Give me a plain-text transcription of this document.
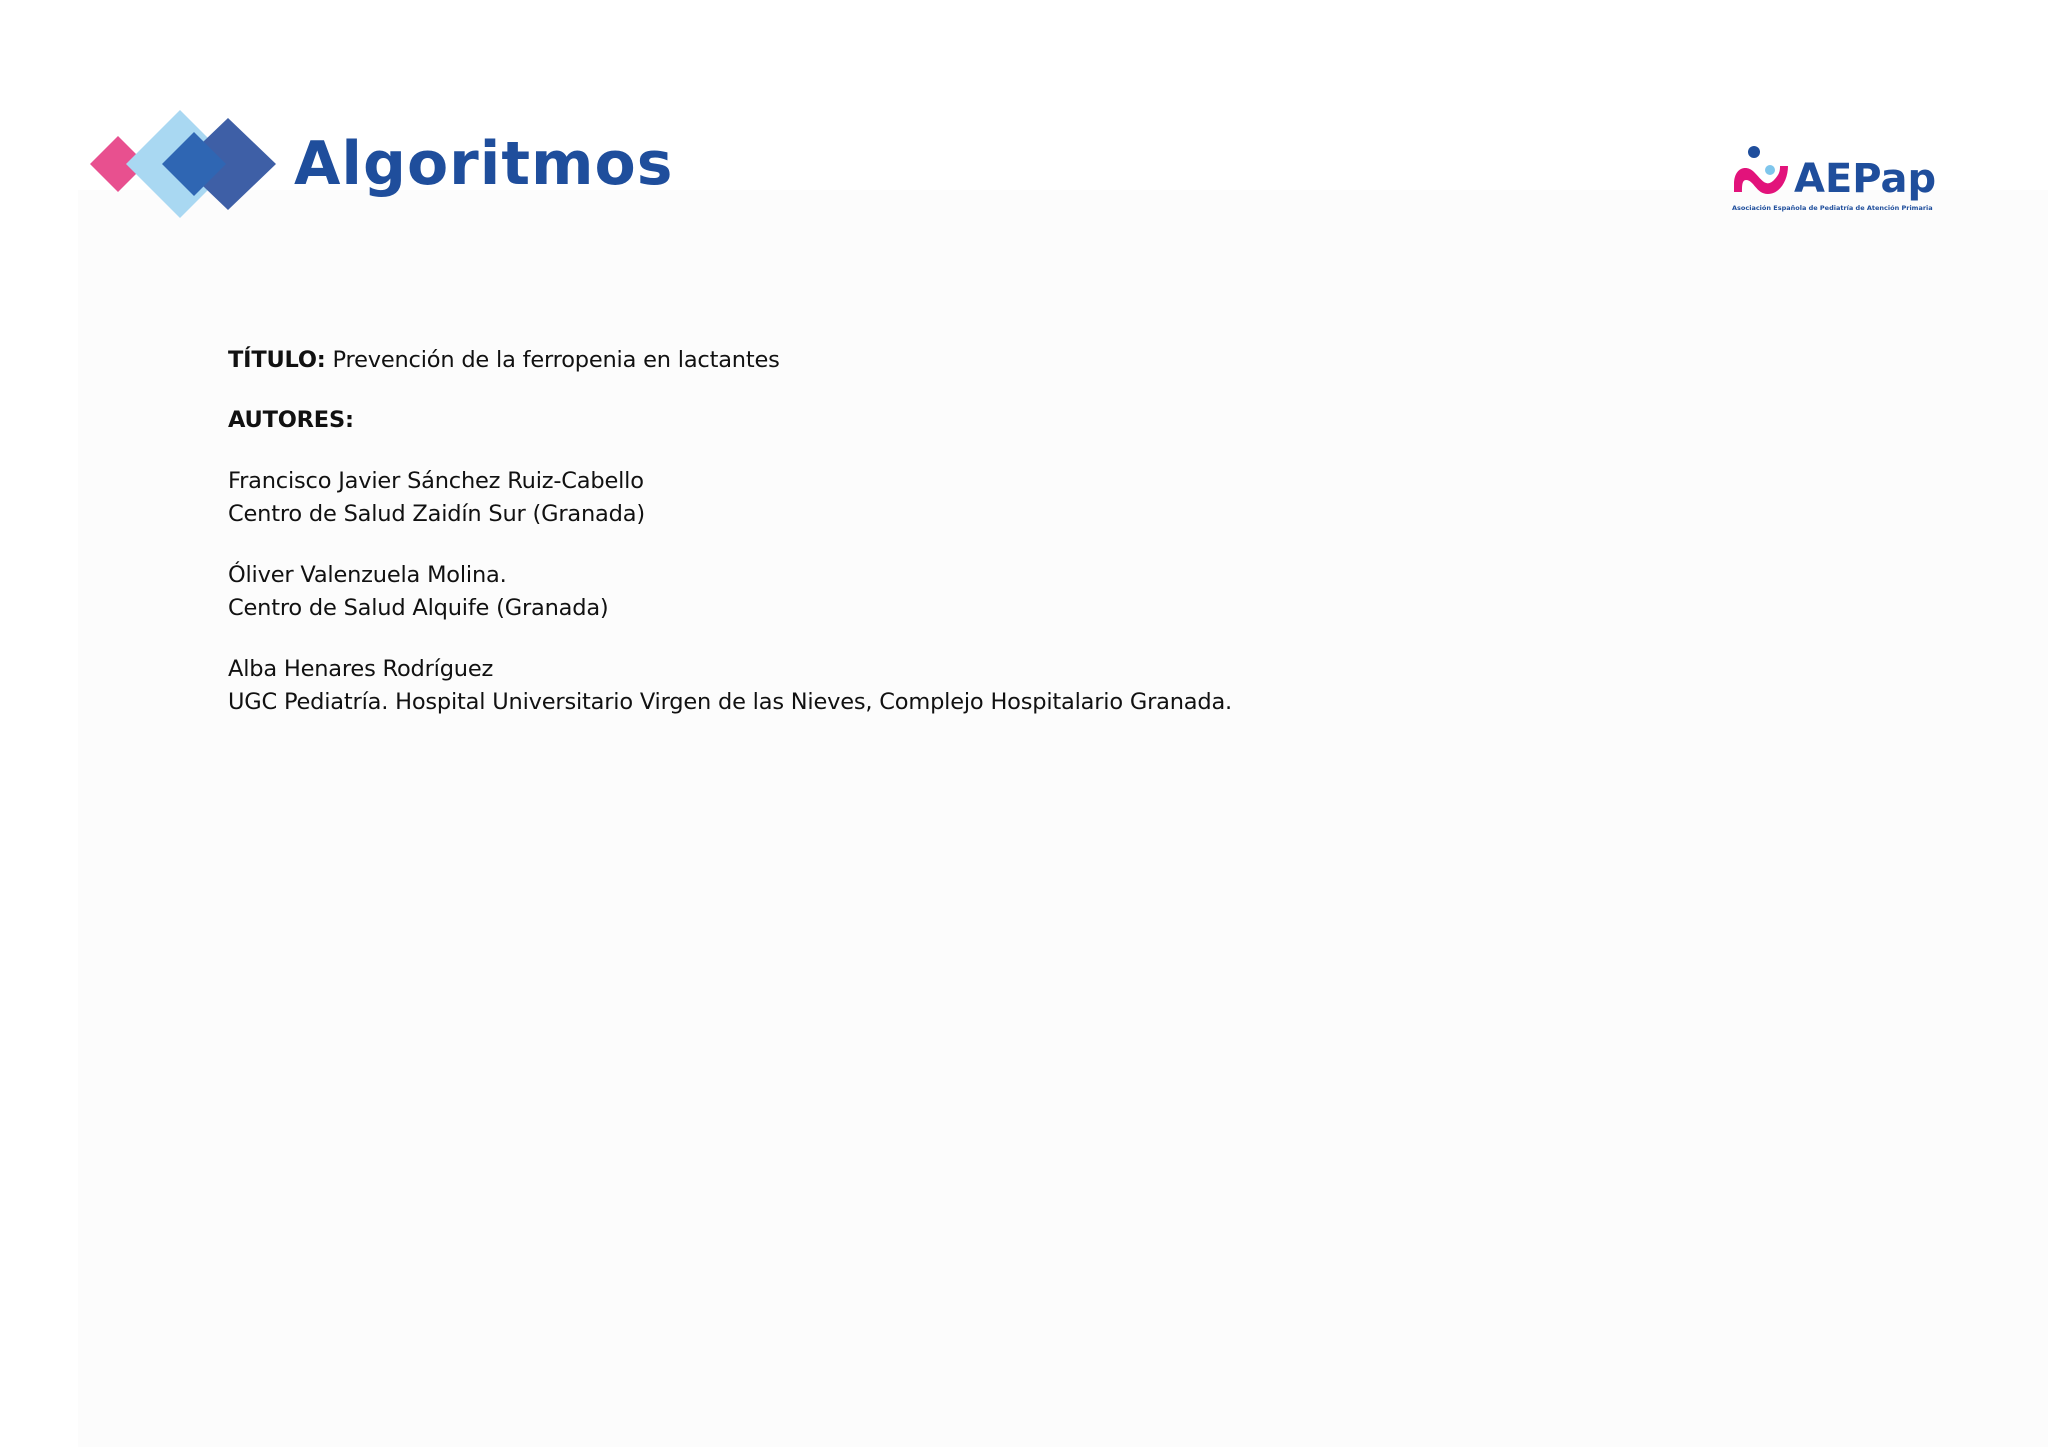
Algoritmos	AEPap
Asociación Española de Pediatría de Atención Primaria

TÍTULO: Prevención de la ferropenia en lactantes

AUTORES:

Francisco Javier Sánchez Ruiz-Cabello

Centro de Salud Zaidín Sur (Granada)

Óliver Valenzuela Molina.

Centro de Salud Alquife (Granada)

Alba Henares Rodríguez

UGC Pediatría. Hospital Universitario Virgen de las Nieves, Complejo Hospitalario Granada.
